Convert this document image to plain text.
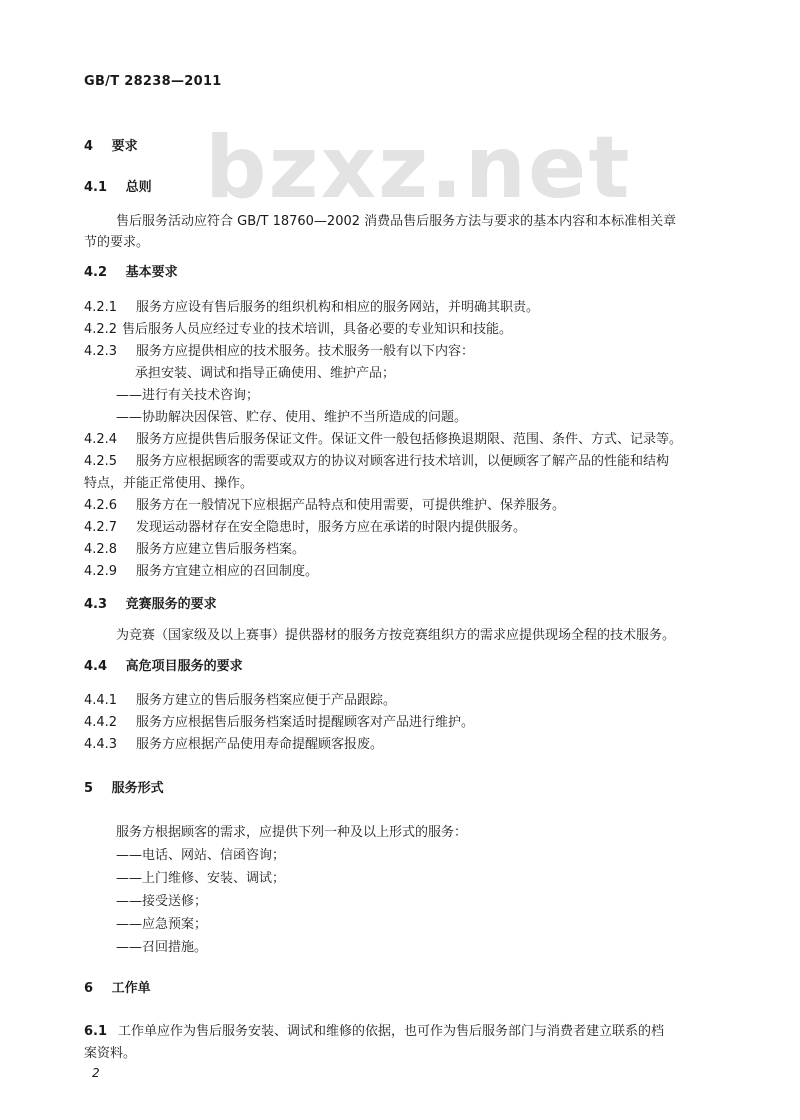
bzxz.net
GB/T 28238—2011
4 要求
4.1 总则
售后服务活动应符合 GB/T 18760—2002 消费品售后服务方法与要求的基本内容和本标准相关章
节的要求。
4.2 基本要求
4.2.1 服务方应设有售后服务的组织机构和相应的服务网站，并明确其职责。
4.2.2 售后服务人员应经过专业的技术培训，具备必要的专业知识和技能。
4.2.3 服务方应提供相应的技术服务。技术服务一般有以下内容：
承担安装、调试和指导正确使用、维护产品；
——进行有关技术咨询；
——协助解决因保管、贮存、使用、维护不当所造成的问题。
4.2.4 服务方应提供售后服务保证文件。保证文件一般包括修换退期限、范围、条件、方式、记录等。
4.2.5 服务方应根据顾客的需要或双方的协议对顾客进行技术培训，以便顾客了解产品的性能和结构
特点，并能正常使用、操作。
4.2.6 服务方在一般情况下应根据产品特点和使用需要，可提供维护、保养服务。
4.2.7 发现运动器材存在安全隐患时，服务方应在承诺的时限内提供服务。
4.2.8 服务方应建立售后服务档案。
4.2.9 服务方宜建立相应的召回制度。
4.3 竞赛服务的要求
为竞赛（国家级及以上赛事）提供器材的服务方按竞赛组织方的需求应提供现场全程的技术服务。
4.4 高危项目服务的要求
4.4.1 服务方建立的售后服务档案应便于产品跟踪。
4.4.2 服务方应根据售后服务档案适时提醒顾客对产品进行维护。
4.4.3 服务方应根据产品使用寿命提醒顾客报废。
5 服务形式
服务方根据顾客的需求，应提供下列一种及以上形式的服务：
——电话、网站、信函咨询；
——上门维修、安装、调试；
——接受送修；
——应急预案；
——召回措施。
6 工作单
6.1 工作单应作为售后服务安装、调试和维修的依据，也可作为售后服务部门与消费者建立联系的档
案资料。
2
